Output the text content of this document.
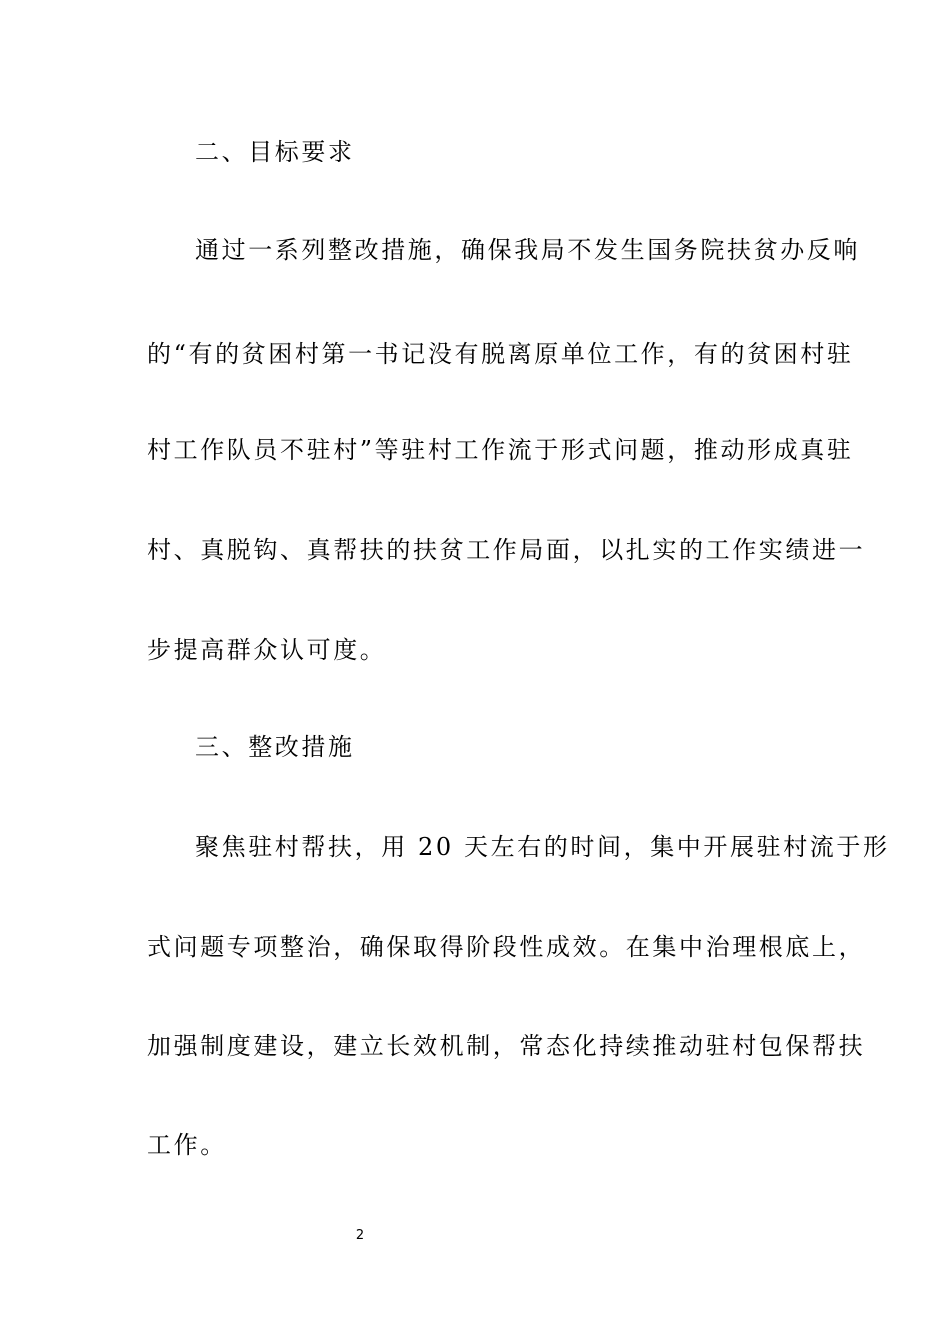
二、目标要求
通过一系列整改措施，确保我局不发生国务院扶贫办反响
的“有的贫困村第一书记没有脱离原单位工作，有的贫困村驻
村工作队员不驻村”等驻村工作流于形式问题，推动形成真驻
村、真脱钩、真帮扶的扶贫工作局面，以扎实的工作实绩进一
步提高群众认可度。
三、整改措施
聚焦驻村帮扶，用 20 天左右的时间，集中开展驻村流于形
式问题专项整治，确保取得阶段性成效。在集中治理根底上，
加强制度建设，建立长效机制，常态化持续推动驻村包保帮扶
工作。
2
